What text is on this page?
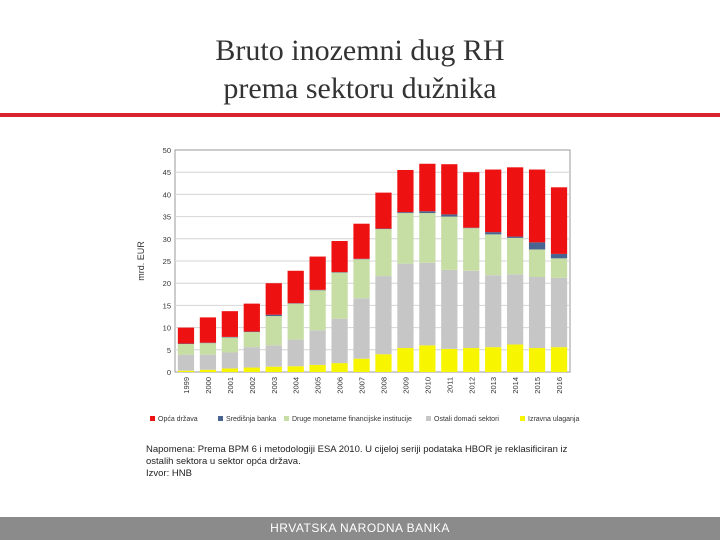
Bruto inozemni dug RH
prema sektoru dužnika
0
5
10
15
20
25
30
35
40
45
50
1999 2000 2001 2002 2003 2004 2005 2006 2007 2008 2009 2010 2011 2012 2013 2014 2015 2016
mrd. EUR
Opća država	Središnja banka Druge monetarne financijske institucije	Ostali domaći sektori	Izravna ulaganja
Napomena: Prema BPM 6 i metodologiji ESA 2010. U cijeloj seriji podataka HBOR je reklasificiran iz
ostalih sektora u sektor opća država.
Izvor: HNB
HRVATSKA NARODNA BANKA
